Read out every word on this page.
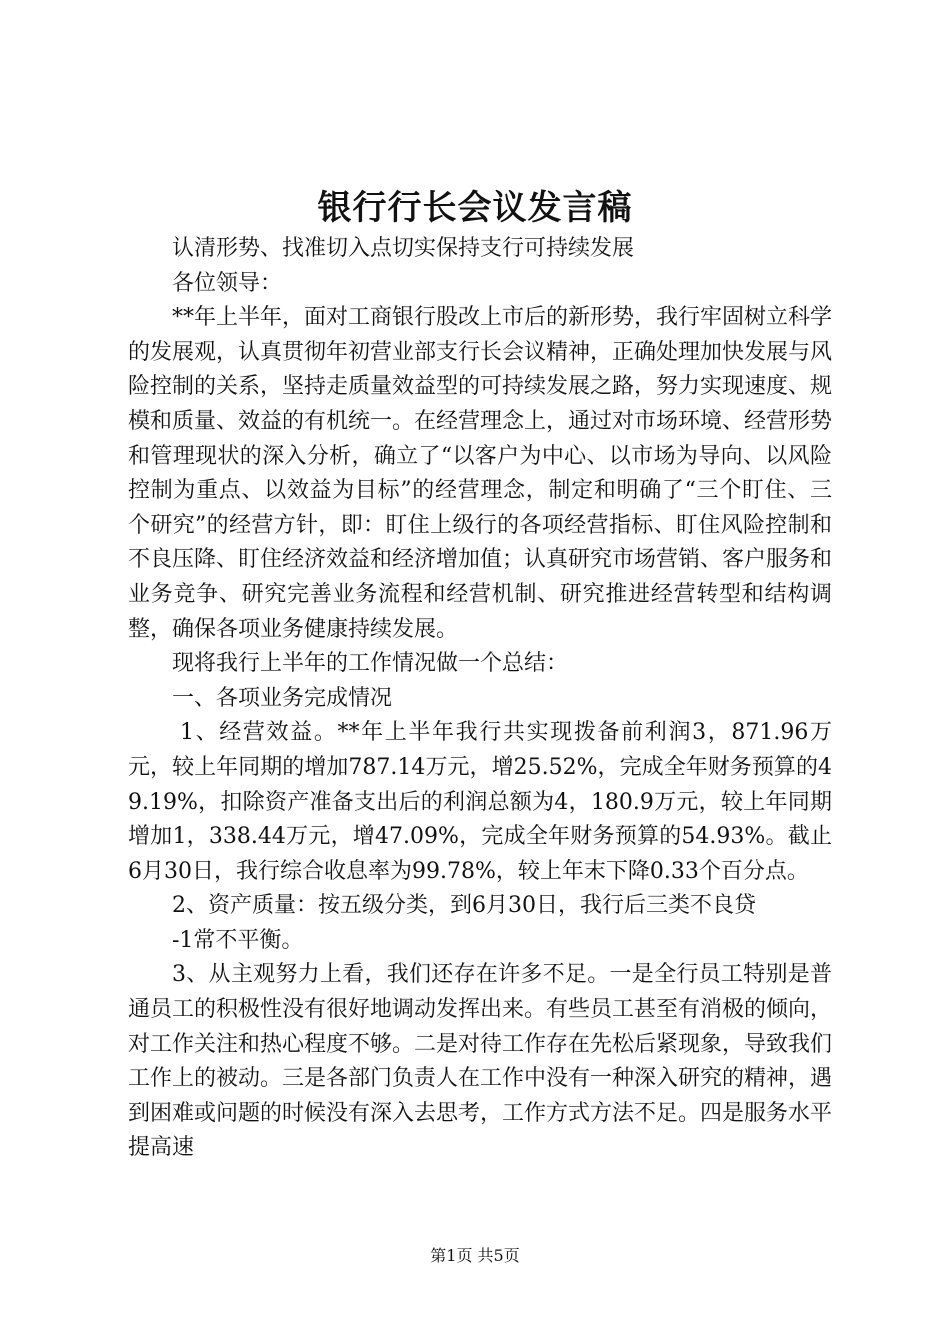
银行行长会议发言稿

认清形势、找准切入点切实保持支行可持续发展

各位领导：

**年上半年，面对工商银行股改上市后的新形势，我行牢固树立科学的发展观，认真贯彻年初营业部支行长会议精神，正确处理加快发展与风险控制的关系，坚持走质量效益型的可持续发展之路，努力实现速度、规模和质量、效益的有机统一。在经营理念上，通过对市场环境、经营形势和管理现状的深入分析，确立了“以客户为中心、以市场为导向、以风险控制为重点、以效益为目标”的经营理念，制定和明确了“三个盯住、三个研究”的经营方针，即：盯住上级行的各项经营指标、盯住风险控制和不良压降、盯住经济效益和经济增加值；认真研究市场营销、客户服务和业务竞争、研究完善业务流程和经营机制、研究推进经营转型和结构调整，确保各项业务健康持续发展。

现将我行上半年的工作情况做一个总结：

一、各项业务完成情况

1、经营效益。**年上半年我行共实现拨备前利润3，871.96万元，较上年同期的增加787.14万元，增25.52%，完成全年财务预算的49.19%，扣除资产准备支出后的利润总额为4，180.9万元，较上年同期增加1，338.44万元，增47.09%，完成全年财务预算的54.93%。截止6月30日，我行综合收息率为99.78%，较上年末下降0.33个百分点。

2、资产质量：按五级分类，到6月30日，我行后三类不良贷

-1常不平衡。

3、从主观努力上看，我们还存在许多不足。一是全行员工特别是普通员工的积极性没有很好地调动发挥出来。有些员工甚至有消极的倾向，对工作关注和热心程度不够。二是对待工作存在先松后紧现象，导致我们工作上的被动。三是各部门负责人在工作中没有一种深入研究的精神，遇到困难或问题的时候没有深入去思考，工作方式方法不足。四是服务水平提高速

第1页 共5页
